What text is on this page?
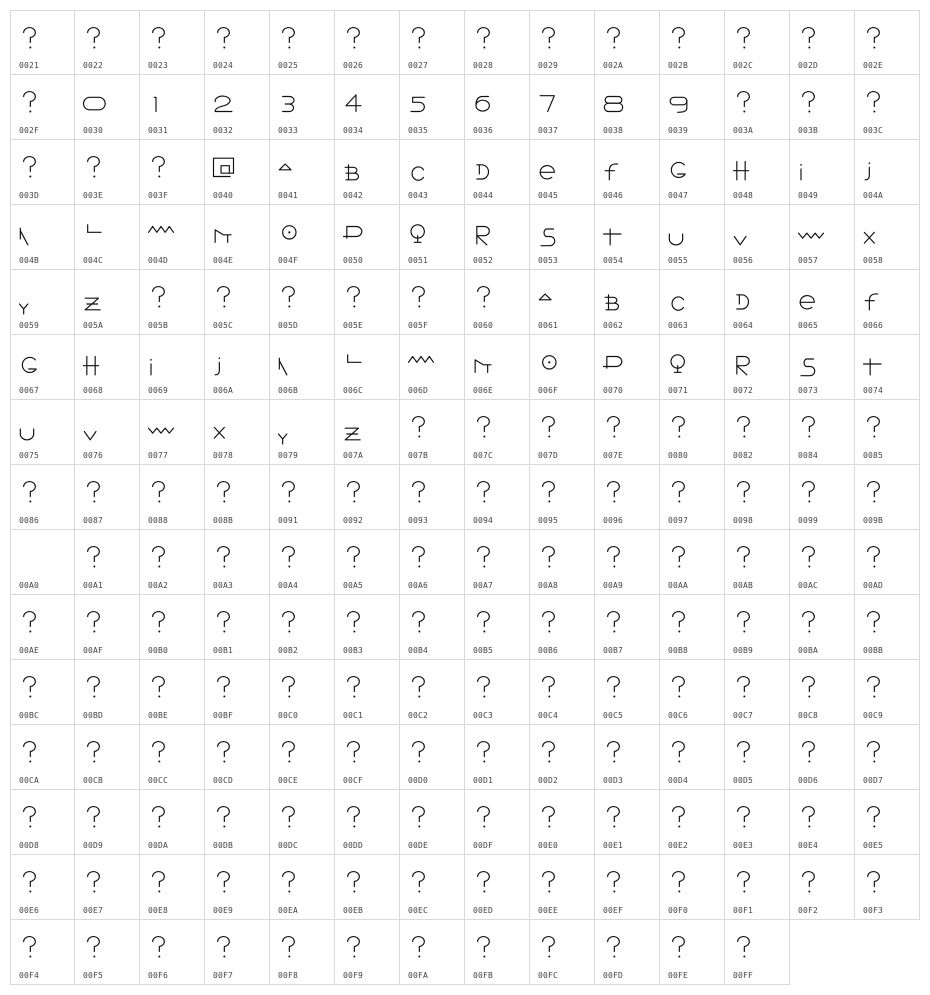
0021	0022	0023	0024	0025	0026	0027	0028	0029	002A	002B	002C	002D	002E
002F	0030	0031	0032	0033	0034	0035	0036	0037	0038	0039	003A	003B	003C
003D	003E	003F	0040	0041	0042	0043	0044	0045	0046	0047	0048	0049	004A
004B	004C	004D	004E	004F	0050	0051	0052	0053	0054	0055	0056	0057	0058
0059	005A	005B	005C	005D	005E	005F	0060	0061	0062	0063	0064	0065	0066
0067	0068	0069	006A	006B	006C	006D	006E	006F	0070	0071	0072	0073	0074
0075	0076	0077	0078	0079	007A	007B	007C	007D	007E	0080	0082	0084	0085
0086	0087	0088	008B	0091	0092	0093	0094	0095	0096	0097	0098	0099	009B
00A0	00A1	00A2	00A3	00A4	00A5	00A6	00A7	00A8	00A9	00AA	00AB	00AC	00AD
00AE	00AF	00B0	00B1	00B2	00B3	00B4	00B5	00B6	00B7	00B8	00B9	00BA	00BB
00BC	00BD	00BE	00BF	00C0	00C1	00C2	00C3	00C4	00C5	00C6	00C7	00C8	00C9
00CA	00CB	00CC	00CD	00CE	00CF	00D0	00D1	00D2	00D3	00D4	00D5	00D6	00D7
00D8	00D9	00DA	00DB	00DC	00DD	00DE	00DF	00E0	00E1	00E2	00E3	00E4	00E5
00E6	00E7	00E8	00E9	00EA	00EB	00EC	00ED	00EE	00EF	00F0	00F1	00F2	00F3
00F4	00F5	00F6	00F7	00F8	00F9	00FA	00FB	00FC	00FD	00FE	00FF
